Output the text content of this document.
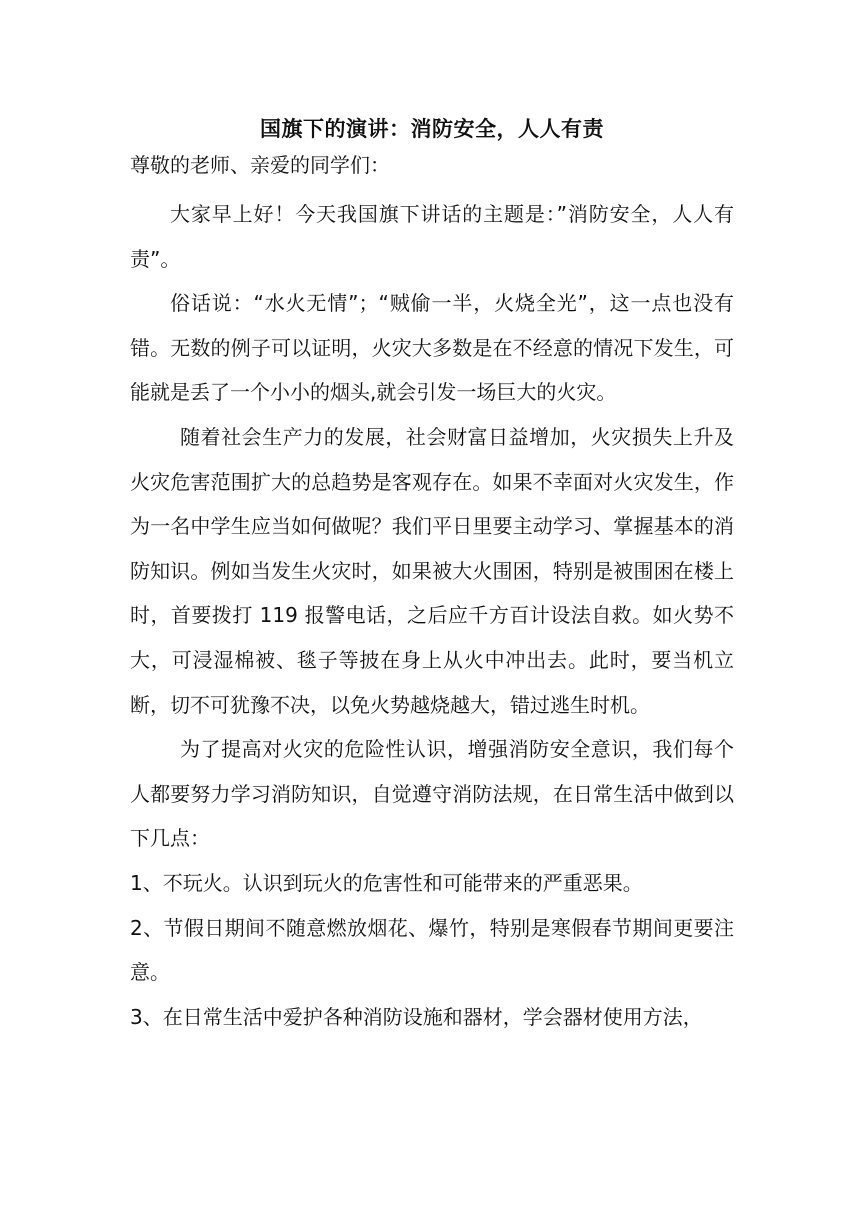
国旗下的演讲：消防安全，人人有责

尊敬的老师、亲爱的同学们：

大家早上好！今天我国旗下讲话的主题是：”消防安全，人人有责”。

俗话说：“水火无情”；“贼偷一半，火烧全光”，这一点也没有错。无数的例子可以证明，火灾大多数是在不经意的情况下发生，可能就是丢了一个小小的烟头,就会引发一场巨大的火灾。

随着社会生产力的发展，社会财富日益增加，火灾损失上升及火灾危害范围扩大的总趋势是客观存在。如果不幸面对火灾发生，作为一名中学生应当如何做呢？我们平日里要主动学习、掌握基本的消防知识。例如当发生火灾时，如果被大火围困，特别是被围困在楼上时，首要拨打 119 报警电话，之后应千方百计设法自救。如火势不大，可浸湿棉被、毯子等披在身上从火中冲出去。此时，要当机立断，切不可犹豫不决，以免火势越烧越大，错过逃生时机。

为了提高对火灾的危险性认识，增强消防安全意识，我们每个人都要努力学习消防知识，自觉遵守消防法规，在日常生活中做到以下几点：

1、不玩火。认识到玩火的危害性和可能带来的严重恶果。

2、节假日期间不随意燃放烟花、爆竹，特别是寒假春节期间更要注意。

3、在日常生活中爱护各种消防设施和器材，学会器材使用方法，
